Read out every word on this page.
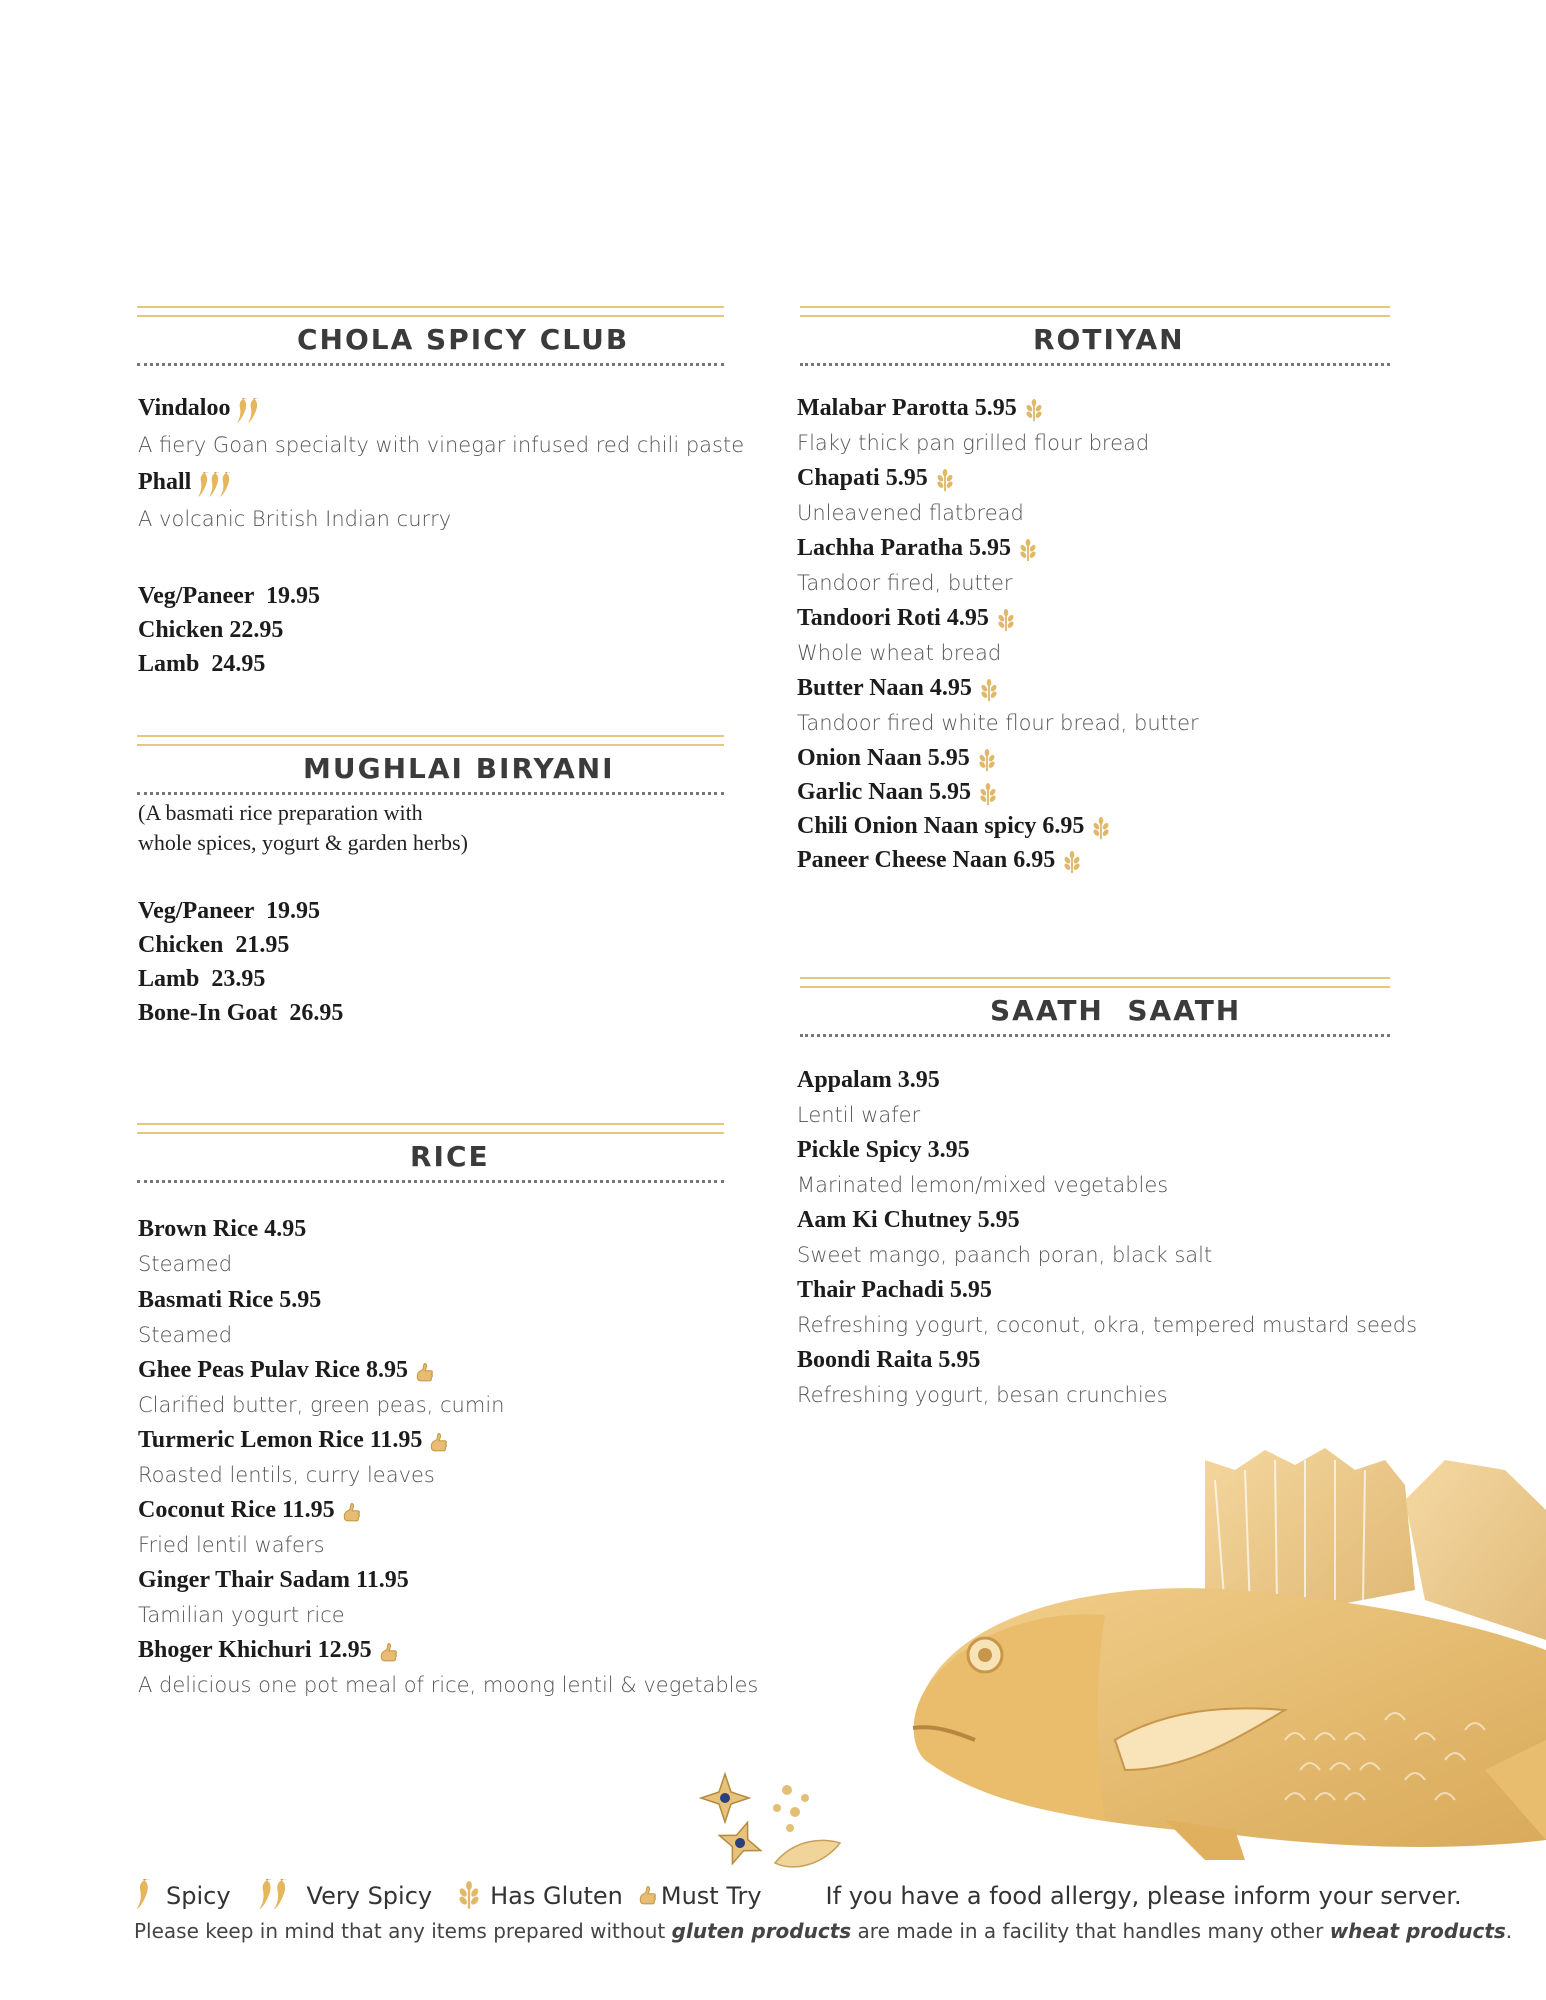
CHOLA SPICY CLUB
Vindaloo
A fiery Goan specialty with vinegar infused red chili paste
Phall
A volcanic British Indian curry
Veg/Paneer  19.95
Chicken 22.95
Lamb  24.95
MUGHLAI BIRYANI
(A basmati rice preparation with
whole spices, yogurt & garden herbs)
Veg/Paneer  19.95
Chicken  21.95
Lamb  23.95
Bone-In Goat  26.95
RICE
Brown Rice 4.95
Steamed
Basmati Rice 5.95
Steamed
Ghee Peas Pulav Rice 8.95
Clarified butter, green peas, cumin
Turmeric Lemon Rice 11.95
Roasted lentils, curry leaves
Coconut Rice 11.95
Fried lentil wafers
Ginger Thair Sadam 11.95
Tamilian yogurt rice
Bhoger Khichuri 12.95
A delicious one pot meal of rice, moong lentil & vegetables
ROTIYAN
Malabar Parotta 5.95
Flaky thick pan grilled flour bread
Chapati 5.95
Unleavened flatbread
Lachha Paratha 5.95
Tandoor fired, butter
Tandoori Roti 4.95
Whole wheat bread
Butter Naan 4.95
Tandoor fired white flour bread, butter
Onion Naan 5.95
Garlic Naan 5.95
Chili Onion Naan spicy 6.95
Paneer Cheese Naan 6.95
SAATH  SAATH
Appalam 3.95
Lentil wafer
Pickle Spicy 3.95
Marinated lemon/mixed vegetables
Aam Ki Chutney 5.95
Sweet mango, paanch poran, black salt
Thair Pachadi 5.95
Refreshing yogurt, coconut, okra, tempered mustard seeds
Boondi Raita 5.95
Refreshing yogurt, besan crunchies
Spicy	Very Spicy Has Gluten Must Try	If you have a food allergy, please inform your server.
Please keep in mind that any items prepared without gluten products are made in a facility that handles many other wheat products.
